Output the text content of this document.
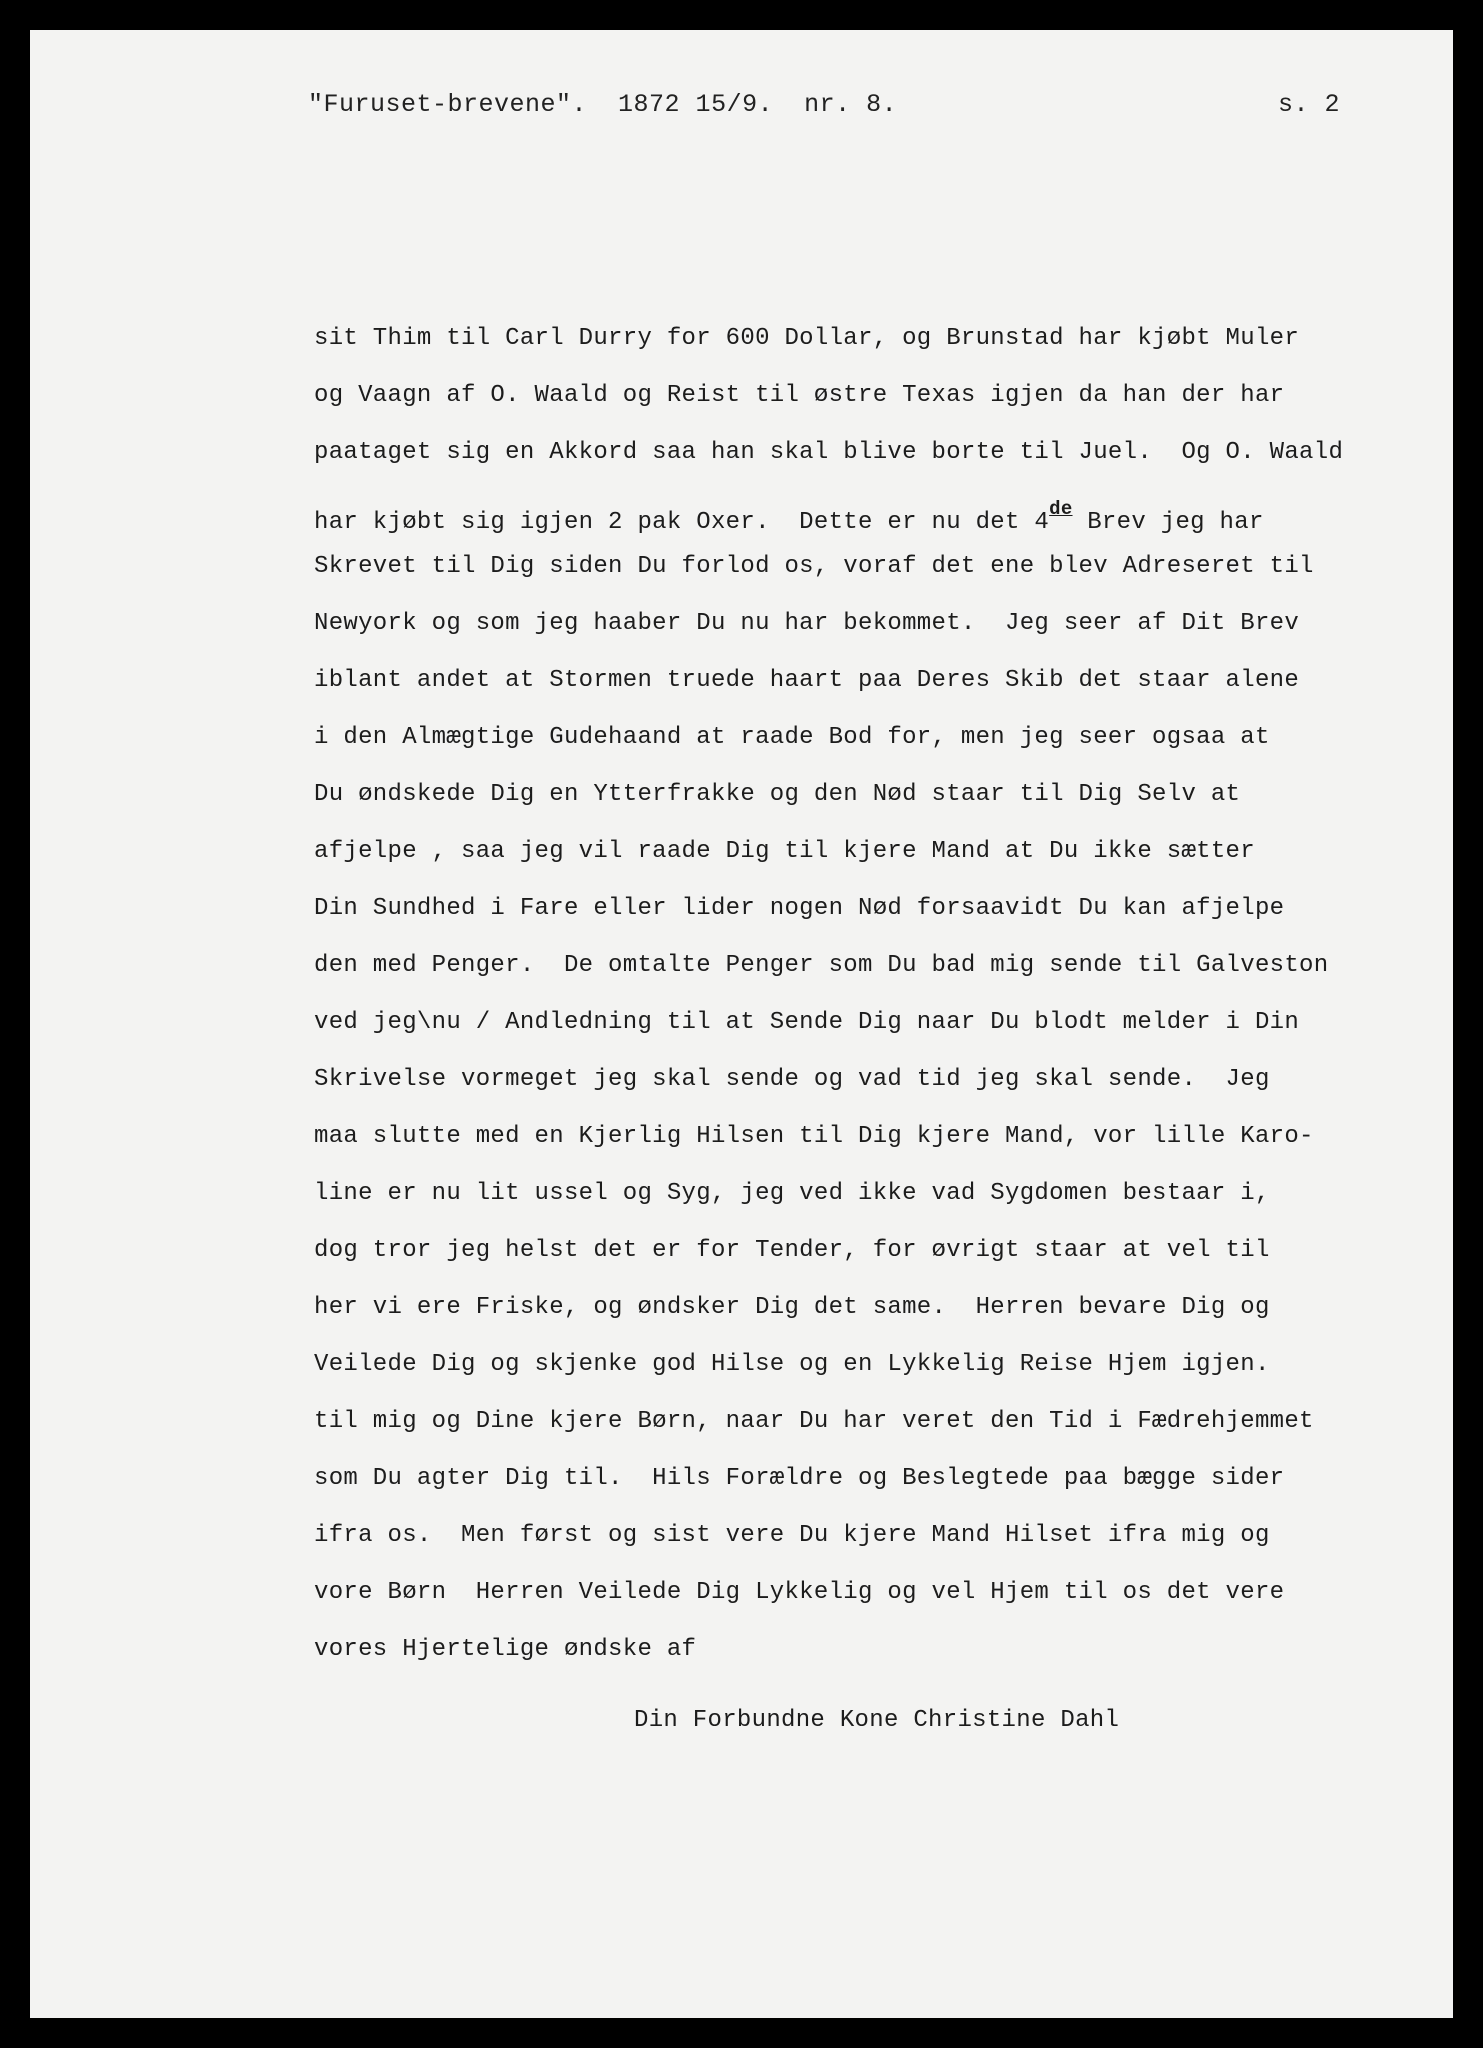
"Furuset-brevene".  1872 15/9.  nr. 8.	s. 2
sit Thim til Carl Durry for 600 Dollar, og Brunstad har kjøbt Muler
og Vaagn af O. Waald og Reist til østre Texas igjen da han der har
paataget sig en Akkord saa han skal blive borte til Juel.  Og O. Waald
har kjøbt sig igjen 2 pak Oxer.  Dette er nu det 4de Brev jeg har
Skrevet til Dig siden Du forlod os, voraf det ene blev Adreseret til
Newyork og som jeg haaber Du nu har bekommet.  Jeg seer af Dit Brev
iblant andet at Stormen truede haart paa Deres Skib det staar alene
i den Almægtige Gudehaand at raade Bod for, men jeg seer ogsaa at
Du øndskede Dig en Ytterfrakke og den Nød staar til Dig Selv at
afjelpe , saa jeg vil raade Dig til kjere Mand at Du ikke sætter
Din Sundhed i Fare eller lider nogen Nød forsaavidt Du kan afjelpe
den med Penger.  De omtalte Penger som Du bad mig sende til Galveston
ved jeg\nu / Andledning til at Sende Dig naar Du blodt melder i Din
Skrivelse vormeget jeg skal sende og vad tid jeg skal sende.  Jeg
maa slutte med en Kjerlig Hilsen til Dig kjere Mand, vor lille Karo-
line er nu lit ussel og Syg, jeg ved ikke vad Sygdomen bestaar i,
dog tror jeg helst det er for Tender, for øvrigt staar at vel til
her vi ere Friske, og øndsker Dig det same.  Herren bevare Dig og
Veilede Dig og skjenke god Hilse og en Lykkelig Reise Hjem igjen.
til mig og Dine kjere Børn, naar Du har veret den Tid i Fædrehjemmet
som Du agter Dig til.  Hils Forældre og Beslegtede paa bægge sider
ifra os.  Men først og sist vere Du kjere Mand Hilset ifra mig og
vore Børn  Herren Veilede Dig Lykkelig og vel Hjem til os det vere
vores Hjertelige øndske af
Din Forbundne Kone Christine Dahl
